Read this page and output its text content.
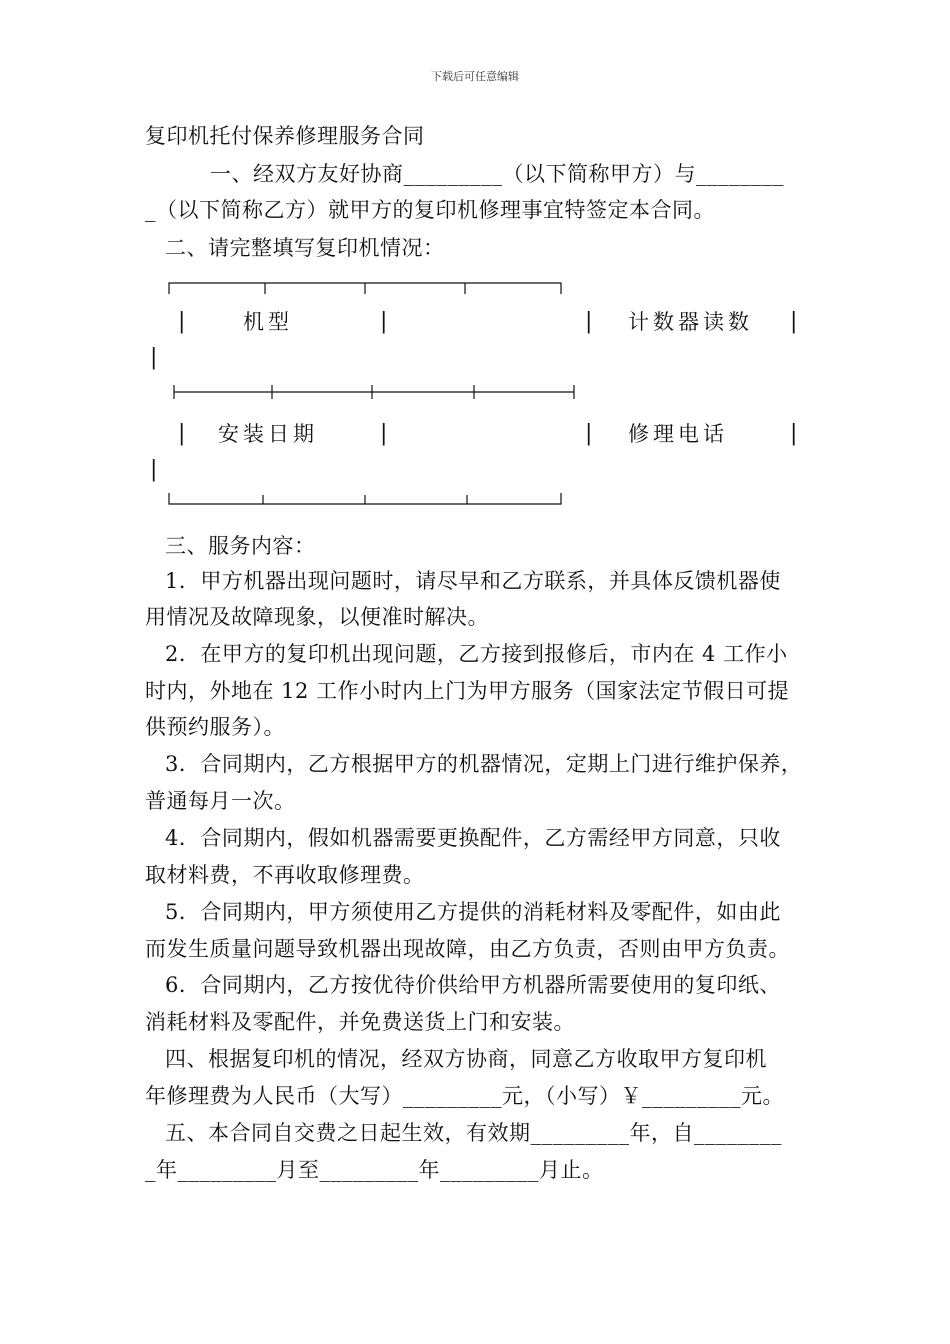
下载后可任意编辑
复印机托付保养修理服务合同
一、经双方友好协商_________（以下简称甲方）与________
_（以下简称乙方）就甲方的复印机修理事宜特签定本合同。
二、请完整填写复印机情况：
|	机型	|	| 计数器读数 |
|
| 安装日期	|	| 修理电话	|
|
三、服务内容：
1．甲方机器出现问题时，请尽早和乙方联系，并具体反馈机器使
用情况及故障现象，以便准时解决。
2．在甲方的复印机出现问题，乙方接到报修后，市内在 4 工作小
时内，外地在 12 工作小时内上门为甲方服务（国家法定节假日可提
供预约服务）。
3．合同期内，乙方根据甲方的机器情况，定期上门进行维护保养，
普通每月一次。
4．合同期内，假如机器需要更换配件，乙方需经甲方同意，只收
取材料费，不再收取修理费。
5．合同期内，甲方须使用乙方提供的消耗材料及零配件，如由此
而发生质量问题导致机器出现故障，由乙方负责，否则由甲方负责。
6．合同期内，乙方按优待价供给甲方机器所需要使用的复印纸、
消耗材料及零配件，并免费送货上门和安装。
四、根据复印机的情况，经双方协商，同意乙方收取甲方复印机
年修理费为人民币（大写）_________元，（小写）￥_________元。
五、本合同自交费之日起生效，有效期_________年，自________
_年_________月至_________年_________月止。
